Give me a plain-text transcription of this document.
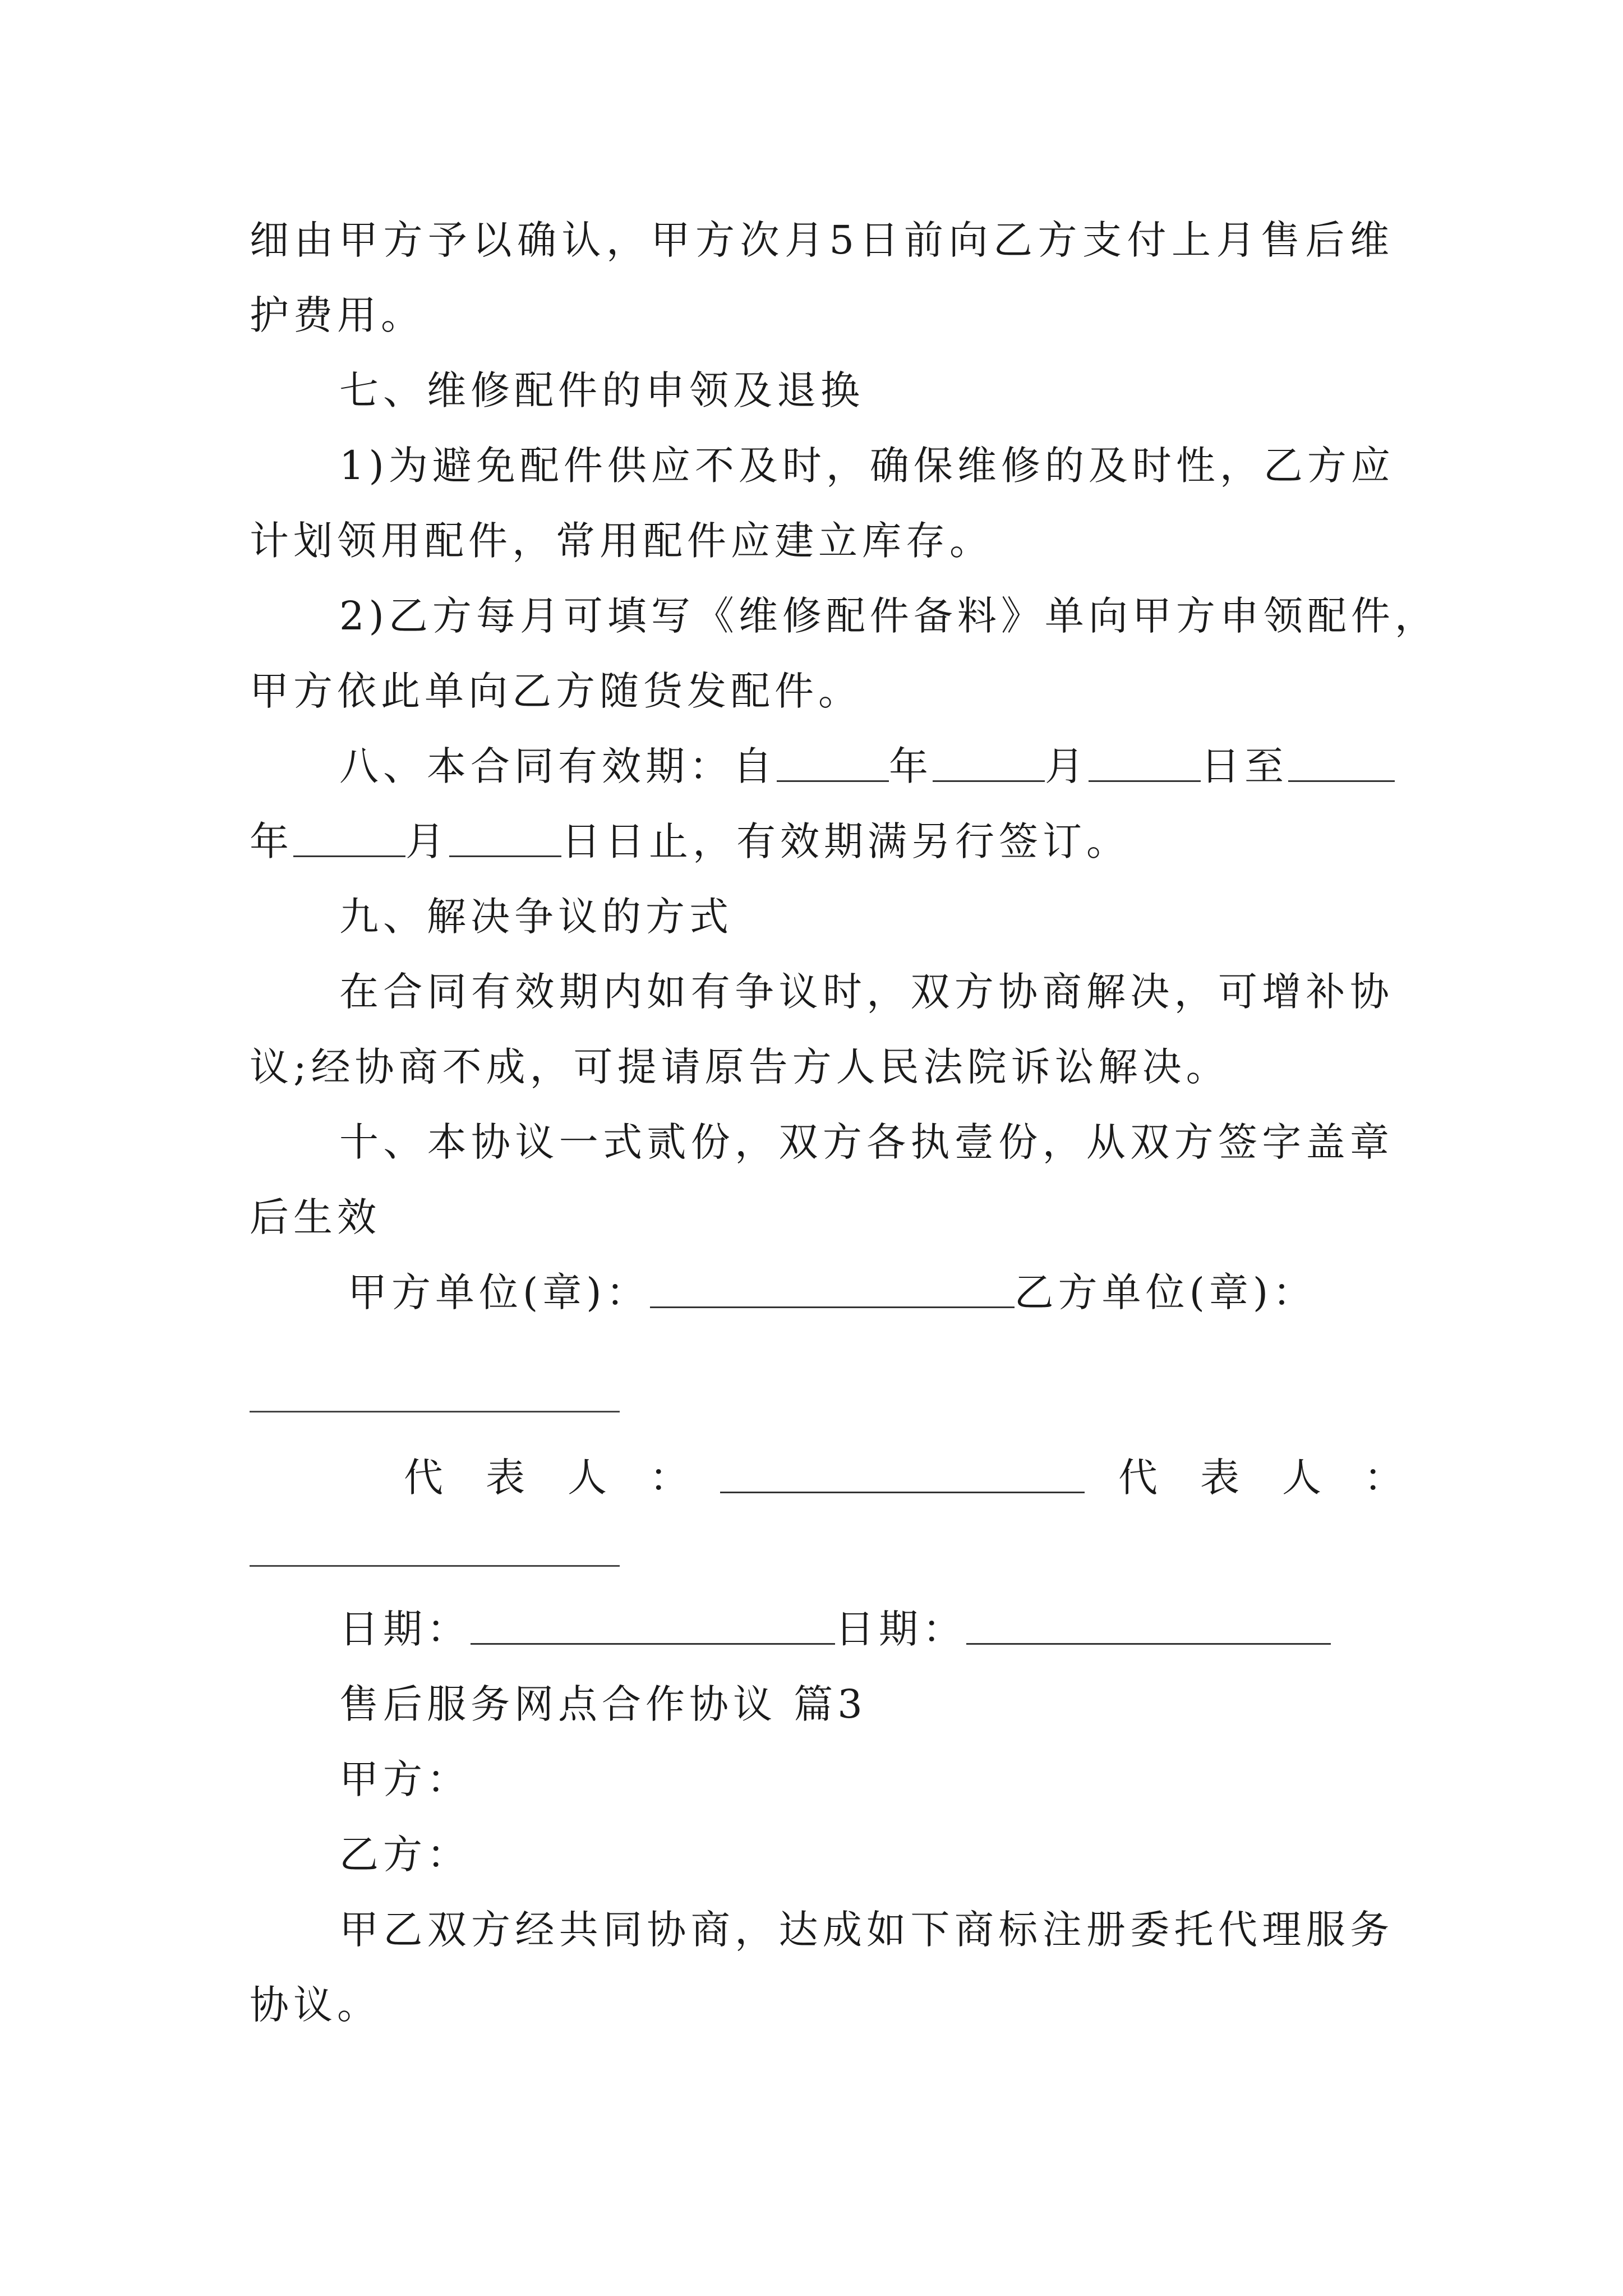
细由甲方予以确认，甲方次月5日前向乙方支付上月售后维
护费用。
七、维修配件的申领及退换
1)为避免配件供应不及时，确保维修的及时性，乙方应
计划领用配件，常用配件应建立库存。
2)乙方每月可填写《维修配件备料》单向甲方申领配件，
甲方依此单向乙方随货发配件。
八、本合同有效期：自	年	月	日至
年	月	日日止，有效期满另行签订。
九、解决争议的方式
在合同有效期内如有争议时，双方协商解决，可增补协
议;经协商不成，可提请原告方人民法院诉讼解决。
十、本协议一式贰份，双方各执壹份，从双方签字盖章
后生效
甲方单位(章)：	乙方单位(章)：
代表人：	代表人：
日期：	日期：
售后服务网点合作协议 篇3
甲方：
乙方：
甲乙双方经共同协商，达成如下商标注册委托代理服务
协议。
